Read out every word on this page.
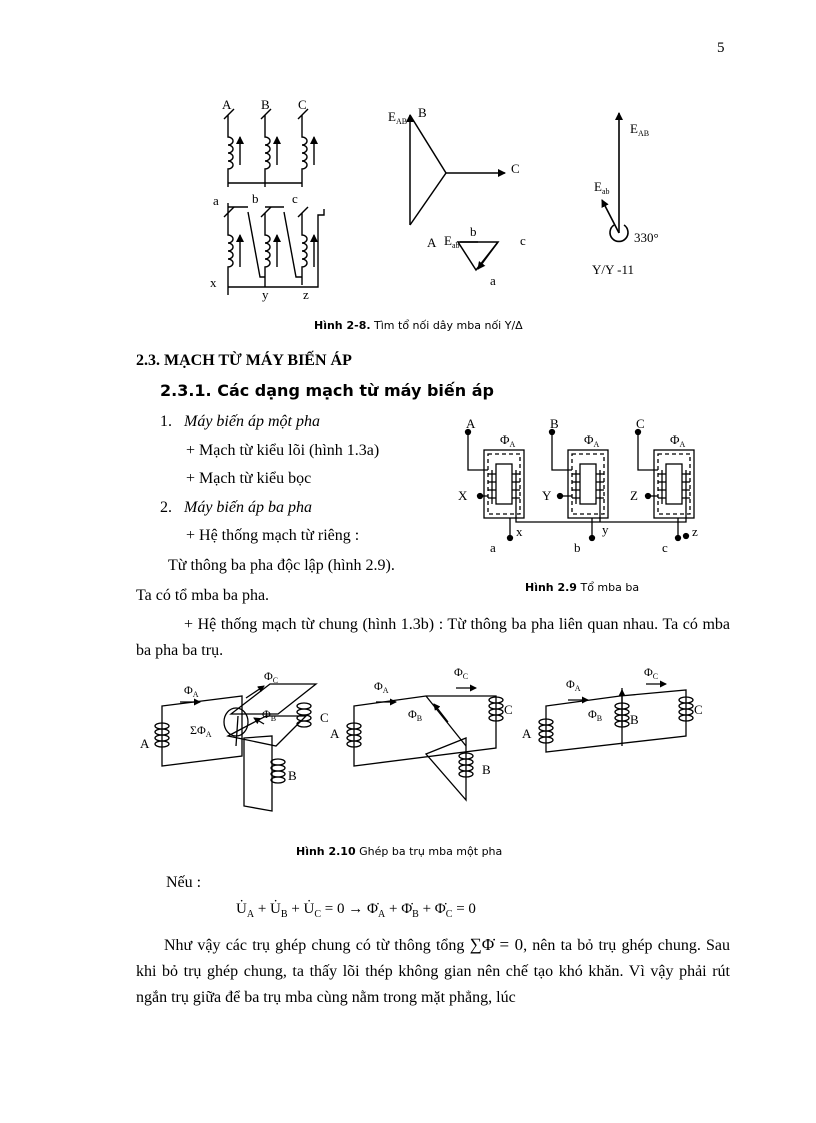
5
A B C
a	b	c
x
y	z
$E_{AB}$
B
C
A $E_{ab}$
b
c
a
$E_{AB}$
$E_{ab}$
330°
Y/Y -11
Hình 2-8. Tìm tổ nối dây mba nối Y/Δ
2.3. MẠCH TỪ MÁY BIẾN ÁP
2.3.1. Các dạng mạch từ máy biến áp
1. Máy biến áp một pha
+ Mạch từ kiểu lõi (hình 1.3a)
+ Mạch từ kiểu bọc
2. Máy biến áp ba pha
+ Hệ thống mạch từ riêng :
Từ thông ba pha độc lập (hình 2.9).
Ta có tổ mba ba pha.
A	B	C
$\Phi_A$	$\Phi_A$	$\Phi_A$
X	Y	Z
x	y	z
a	b	c
Hình 2.9 Tổ mba ba
+ Hệ thống mạch từ chung (hình 1.3b) : Từ thông ba pha liên quan nhau. Ta có mba ba pha ba trụ.
$\Phi_A$
$\Phi_C$
$\Phi_B$
$\Sigma\Phi_A$
A
C
B
$\Phi_A$
$\Phi_C$
$\Phi_B$
A
C
B
$\Phi_A$
$\Phi_C$
$\Phi_B$
A
B
C
Hình 2.10 Ghép ba trụ mba một pha
Nếu :
$U̇_A$ + $U̇_B$ + $U̇_C = 0$ → $\Phi̇_A$ + $\Phi̇_B$ + $\Phi̇_C = 0$
Như vậy các trụ ghép chung có từ thông tổng ∑Φ̇ = 0, nên ta bỏ trụ ghép chung. Sau khi bỏ trụ ghép chung, ta thấy lõi thép không gian nên chế tạo khó khăn. Vì vậy phải rút ngắn trụ giữa để ba trụ mba cùng nằm trong mặt phẳng, lúc
